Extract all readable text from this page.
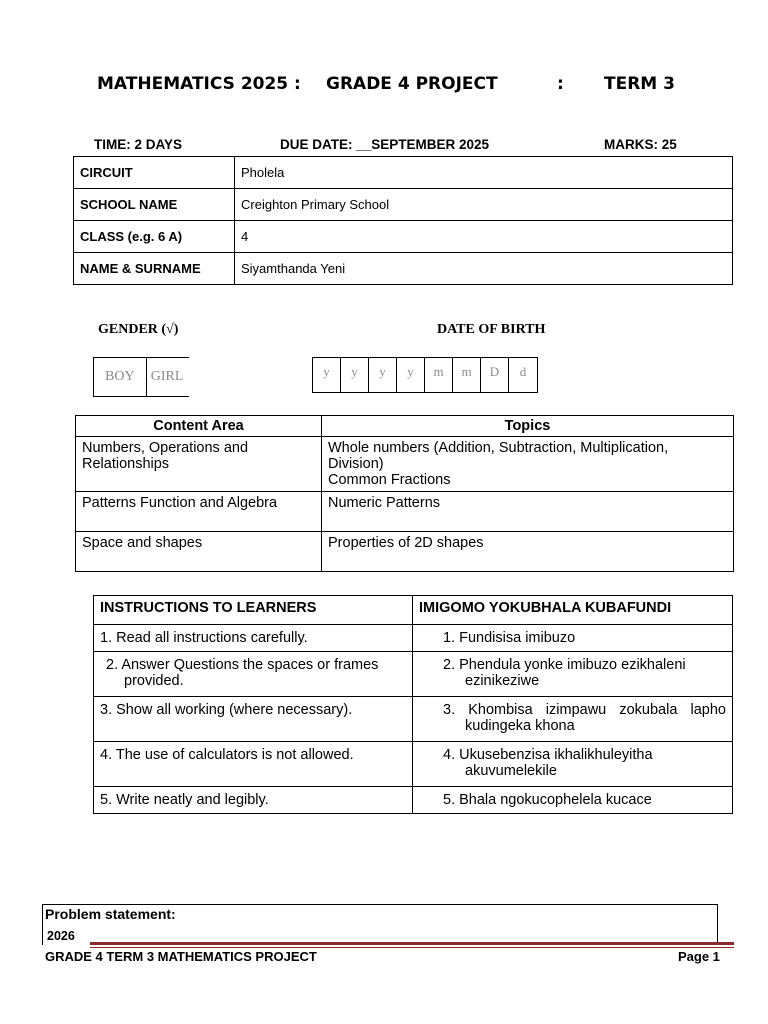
MATHEMATICS 2025 : GRADE 4 PROJECT	: TERM 3
TIME: 2 DAYS	DUE DATE: __SEPTEMBER 2025	MARKS: 25
CIRCUIT	Pholela
SCHOOL NAME	Creighton Primary School
CLASS (e.g. 6 A)	4
NAME & SURNAME	Siyamthanda Yeni
GENDER (√)	DATE OF BIRTH
BOY	GIRL	y	y	y	y	m	m	D	d
Content Area	Topics
Numbers, Operations and Relationships	Whole numbers (Addition, Subtraction, Multiplication, Division)
Common Fractions

Patterns Function and Algebra	Numeric Patterns

Space and shapes	Properties of 2D shapes
INSTRUCTIONS TO LEARNERS	IMIGOMO YOKUBHALA KUBAFUNDI
1. Read all instructions carefully.	1. Fundisisa imibuzo

2. Answer Questions the spaces or frames provided.	2. Phendula yonke imibuzo ezikhaleni ezinikeziwe

3. Show all working (where necessary).	3. Khombisa izimpawu zokubala lapho kudingeka khona

4. The use of calculators is not allowed.	4. Ukusebenzisa ikhalikhuleyitha akuvumelekile

5. Write neatly and legibly.	5. Bhala ngokucophelela kucace
Problem statement:
2026
GRADE 4 TERM 3 MATHEMATICS PROJECT	Page 1
